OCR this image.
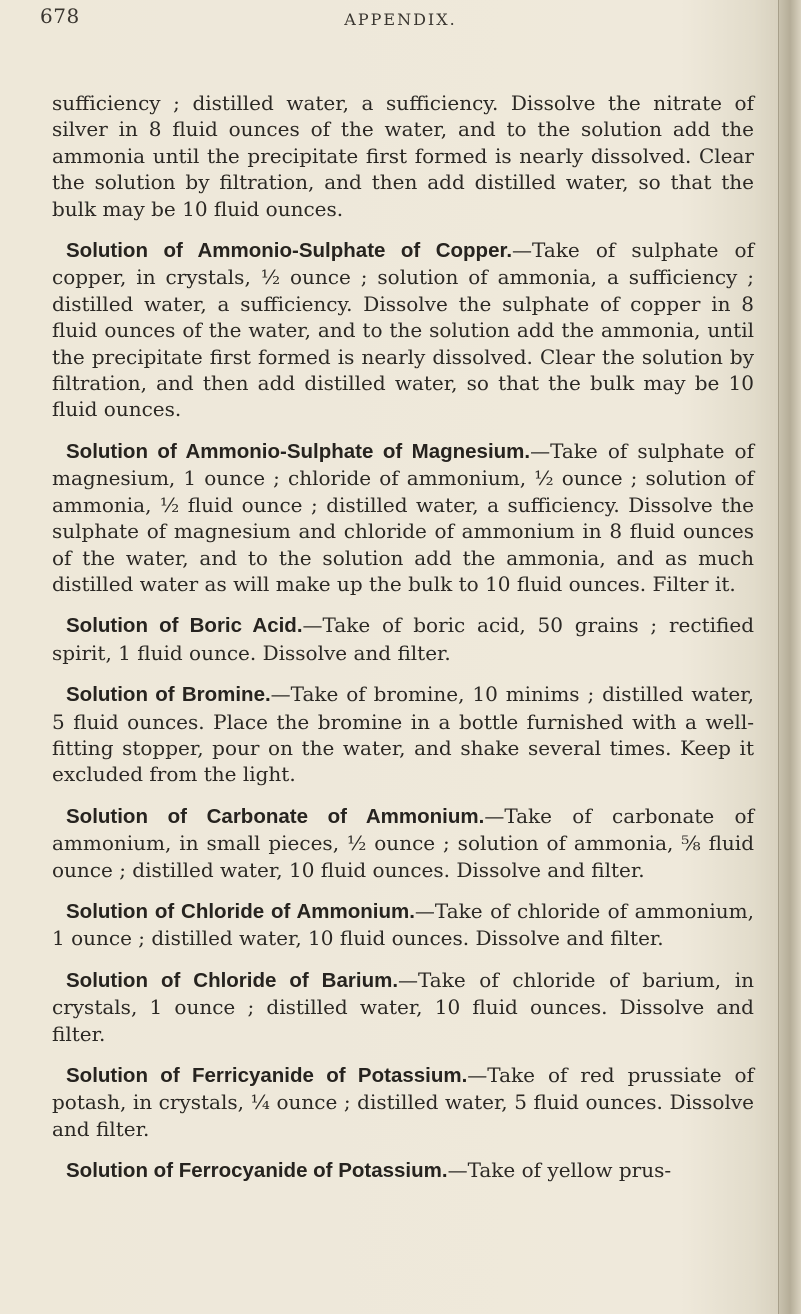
678	APPENDIX.

sufficiency ; distilled water, a sufficiency. Dissolve the nitrate of silver in 8 fluid ounces of the water, and to the solution add the ammonia until the precipitate first formed is nearly dissolved. Clear the solution by filtration, and then add distilled water, so that the bulk may be 10 fluid ounces.

Solution of Ammonio-Sulphate of Copper.—Take of sulphate of copper, in crystals, ½ ounce ; solution of ammonia, a sufficiency ; distilled water, a sufficiency. Dissolve the sulphate of copper in 8 fluid ounces of the water, and to the solution add the ammonia, until the precipitate first formed is nearly dissolved. Clear the solution by filtration, and then add distilled water, so that the bulk may be 10 fluid ounces.

Solution of Ammonio-Sulphate of Magnesium.—Take of sulphate of magnesium, 1 ounce ; chloride of ammonium, ½ ounce ; solution of ammonia, ½ fluid ounce ; distilled water, a sufficiency. Dissolve the sulphate of magnesium and chloride of ammonium in 8 fluid ounces of the water, and to the solution add the ammonia, and as much distilled water as will make up the bulk to 10 fluid ounces. Filter it.

Solution of Boric Acid.—Take of boric acid, 50 grains ; rectified spirit, 1 fluid ounce. Dissolve and filter.

Solution of Bromine.—Take of bromine, 10 minims ; distilled water, 5 fluid ounces. Place the bromine in a bottle furnished with a well-fitting stopper, pour on the water, and shake several times. Keep it excluded from the light.

Solution of Carbonate of Ammonium.—Take of carbonate of ammonium, in small pieces, ½ ounce ; solution of ammonia, ⅝ fluid ounce ; distilled water, 10 fluid ounces. Dissolve and filter.

Solution of Chloride of Ammonium.—Take of chloride of ammonium, 1 ounce ; distilled water, 10 fluid ounces. Dissolve and filter.

Solution of Chloride of Barium.—Take of chloride of barium, in crystals, 1 ounce ; distilled water, 10 fluid ounces. Dissolve and filter.

Solution of Ferricyanide of Potassium.—Take of red prussiate of potash, in crystals, ¼ ounce ; distilled water, 5 fluid ounces. Dissolve and filter.

Solution of Ferrocyanide of Potassium.—Take of yellow prus-
